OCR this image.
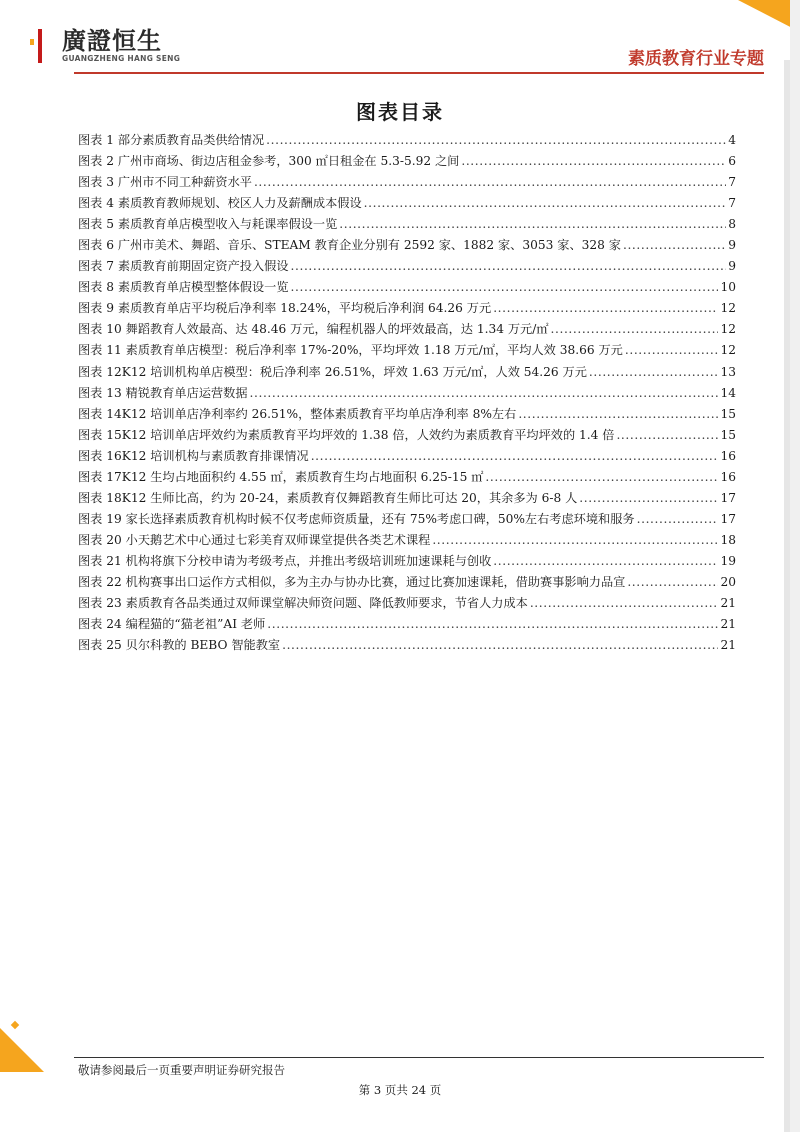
廣證恒生
GUANGZHENG HANG SENG	素质教育行业专题
图表目录
图表 1 部分素质教育品类供给情况 .....	4
图表 2 广州市商场、街边店租金参考，300 ㎡日租金在 5.3-5.92 之间 .....	6
图表 3 广州市不同工种薪资水平 .....	7
图表 4 素质教育教师规划、校区人力及薪酬成本假设 .....	7
图表 5 素质教育单店模型收入与耗课率假设一览 .....	8
图表 6 广州市美术、舞蹈、音乐、STEAM 教育企业分别有 2592 家、1882 家、3053 家、328 家 .....	9
图表 7 素质教育前期固定资产投入假设 .....	9
图表 8 素质教育单店模型整体假设一览 .....	10
图表 9 素质教育单店平均税后净利率 18.24%，平均税后净利润 64.26 万元 .....	12
图表 10 舞蹈教育人效最高、达 48.46 万元，编程机器人的坪效最高，达 1.34 万元/㎡ .....	12
图表 11 素质教育单店模型：税后净利率 17%-20%，平均坪效 1.18 万元/㎡，平均人效 38.66 万元 .....	12
图表 12K12 培训机构单店模型：税后净利率 26.51%，坪效 1.63 万元/㎡，人效 54.26 万元 .....	13
图表 13 精锐教育单店运营数据 .....	14
图表 14K12 培训单店净利率约 26.51%，整体素质教育平均单店净利率 8%左右 .....	15
图表 15K12 培训单店坪效约为素质教育平均坪效的 1.38 倍，人效约为素质教育平均坪效的 1.4 倍 .....	15
图表 16K12 培训机构与素质教育排课情况 .....	16
图表 17K12 生均占地面积约 4.55 ㎡，素质教育生均占地面积 6.25-15 ㎡ .....	16
图表 18K12 生师比高，约为 20-24，素质教育仅舞蹈教育生师比可达 20，其余多为 6-8 人 .....	17
图表 19 家长选择素质教育机构时候不仅考虑师资质量，还有 75%考虑口碑，50%左右考虑环境和服务 .....	17
图表 20 小天鹅艺术中心通过七彩美育双师课堂提供各类艺术课程 .....	18
图表 21 机构将旗下分校申请为考级考点，并推出考级培训班加速课耗与创收 .....	19
图表 22 机构赛事出口运作方式相似，多为主办与协办比赛，通过比赛加速课耗，借助赛事影响力品宣 .....	20
图表 23 素质教育各品类通过双师课堂解决师资问题、降低教师要求，节省人力成本 .....	21
图表 24 编程猫的“猫老祖”AI 老师 .....	21
图表 25 贝尔科教的 BEBO 智能教室 .....	21
敬请参阅最后一页重要声明证券研究报告
第 3 页共 24 页
